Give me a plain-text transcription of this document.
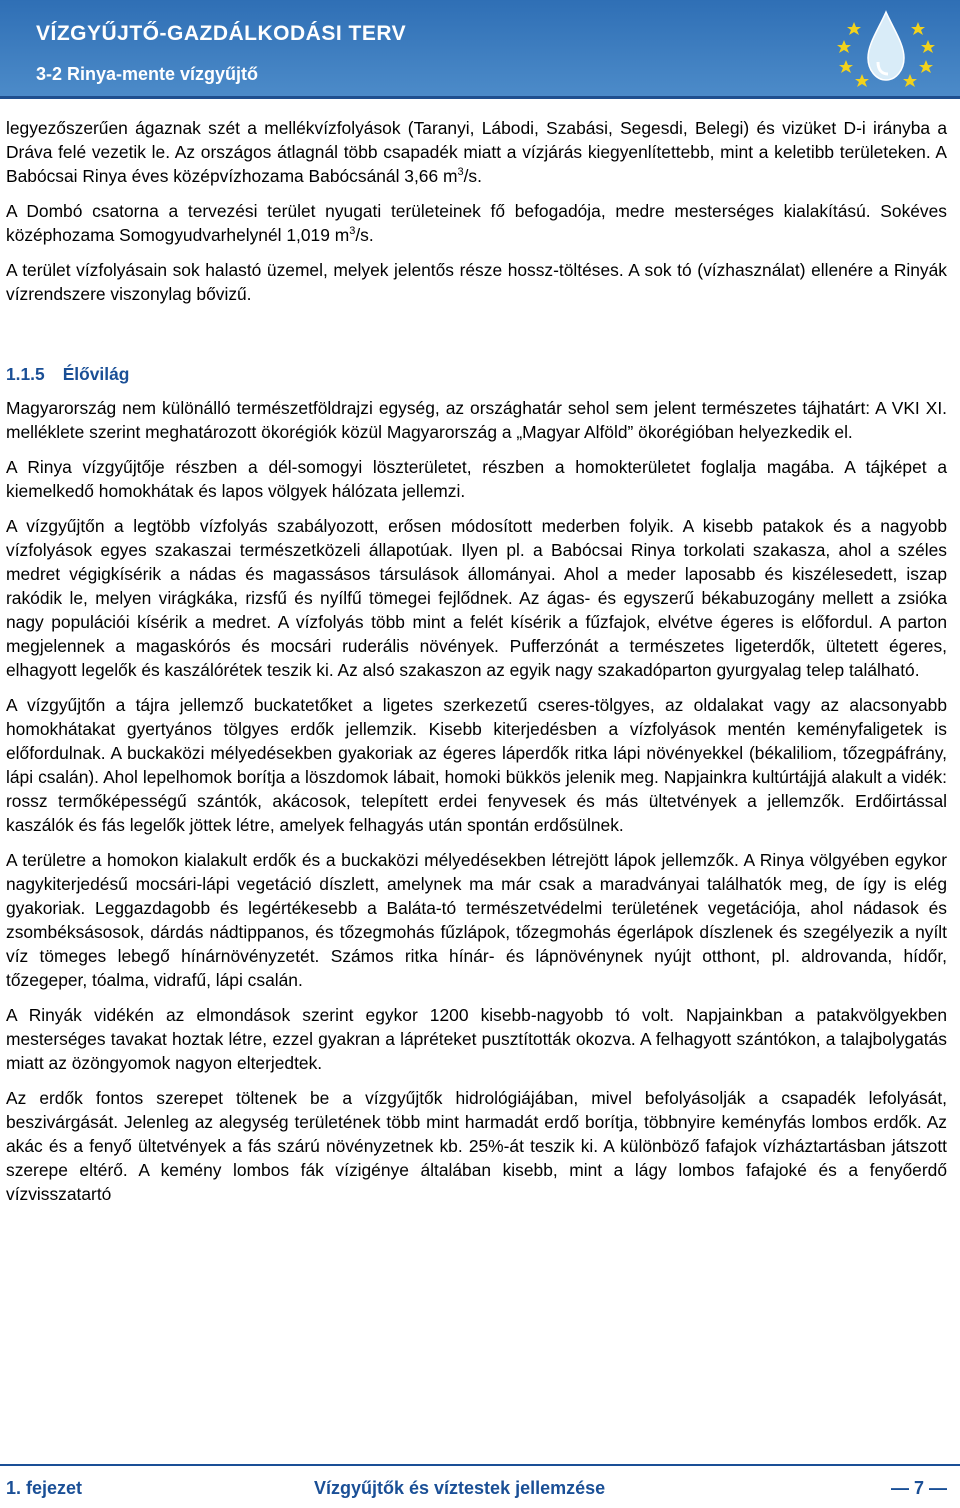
VÍZGYŰJTŐ-GAZDÁLKODÁSI TERV
3-2 Rinya-mente vízgyűjtő

legyezőszerűen ágaznak szét a mellékvízfolyások (Taranyi, Lábodi, Szabási, Segesdi, Belegi) és vizüket D-i irányba a Dráva felé vezetik le. Az országos átlagnál több csapadék miatt a vízjárás kiegyenlítettebb, mint a keletibb területeken. A Babócsai Rinya éves középvízhozama Babócsánál 3,66 $m^3/s$.

A Dombó csatorna a tervezési terület nyugati területeinek fő befogadója, medre mesterséges kialakítású. Sokéves középhozama Somogyudvarhelynél 1,019 $m^3/s$.

A terület vízfolyásain sok halastó üzemel, melyek jelentős része hossz-töltéses. A sok tó (vízhasználat) ellenére a Rinyák vízrendszere viszonylag bővizű.

1.1.5 Élővilág

Magyarország nem különálló természetföldrajzi egység, az országhatár sehol sem jelent természetes tájhatárt: A VKI XI. melléklete szerint meghatározott ökorégiók közül Magyarország a „Magyar Alföld” ökorégióban helyezkedik el.

A Rinya vízgyűjtője részben a dél-somogyi löszterületet, részben a homokterületet foglalja magába. A tájképet a kiemelkedő homokhátak és lapos völgyek hálózata jellemzi.

A vízgyűjtőn a legtöbb vízfolyás szabályozott, erősen módosított mederben folyik. A kisebb patakok és a nagyobb vízfolyások egyes szakaszai természetközeli állapotúak. Ilyen pl. a Babócsai Rinya torkolati szakasza, ahol a széles medret végigkísérik a nádas és magassásos társulások állományai. Ahol a meder laposabb és kiszélesedett, iszap rakódik le, melyen virágkáka, rizsfű és nyílfű tömegei fejlődnek. Az ágas- és egyszerű békabuzogány mellett a zsióka nagy populációi kísérik a medret. A vízfolyás több mint a felét kísérik a fűzfajok, elvétve égeres is előfordul. A parton megjelennek a magaskórós és mocsári ruderális növények. Pufferzónát a természetes ligeterdők, ültetett égeres, elhagyott legelők és kaszálórétek teszik ki. Az alsó szakaszon az egyik nagy szakadóparton gyurgyalag telep található.

A vízgyűjtőn a tájra jellemző buckatetőket a ligetes szerkezetű cseres-tölgyes, az oldalakat vagy az alacsonyabb homokhátakat gyertyános tölgyes erdők jellemzik. Kisebb kiterjedésben a vízfolyások mentén keményfaligetek is előfordulnak. A buckaközi mélyedésekben gyakoriak az égeres láperdők ritka lápi növényekkel (békaliliom, tőzegpáfrány, lápi csalán). Ahol lepelhomok borítja a löszdomok lábait, homoki bükkös jelenik meg. Napjainkra kultúrtájjá alakult a vidék: rossz termőképességű szántók, akácosok, telepített erdei fenyvesek és más ültetvények a jellemzők. Erdőirtással kaszálók és fás legelők jöttek létre, amelyek felhagyás után spontán erdősülnek.

A területre a homokon kialakult erdők és a buckaközi mélyedésekben létrejött lápok jellemzők. A Rinya völgyében egykor nagykiterjedésű mocsári-lápi vegetáció díszlett, amelynek ma már csak a maradványai találhatók meg, de így is elég gyakoriak. Leggazdagobb és legértékesebb a Baláta-tó természetvédelmi területének vegetációja, ahol nádasok és zsombéksásosok, dárdás nádtippanos, és tőzegmohás fűzlápok, tőzegmohás égerlápok díszlenek és szegélyezik a nyílt víz tömeges lebegő hínárnövényzetét. Számos ritka hínár- és lápnövénynek nyújt otthont, pl. aldrovanda, hídőr, tőzegeper, tóalma, vidrafű, lápi csalán.

A Rinyák vidékén az elmondások szerint egykor 1200 kisebb-nagyobb tó volt. Napjainkban a patakvölgyekben mesterséges tavakat hoztak létre, ezzel gyakran a lápréteket pusztították okozva. A felhagyott szántókon, a talajbolygatás miatt az özöngyomok nagyon elterjedtek.

Az erdők fontos szerepet töltenek be a vízgyűjtők hidrológiájában, mivel befolyásolják a csapadék lefolyását, beszivárgását. Jelenleg az alegység területének több mint harmadát erdő borítja, többnyire keményfás lombos erdők. Az akác és a fenyő ültetvények a fás szárú növényzetnek kb. 25%-át teszik ki. A különböző fafajok vízháztartásban játszott szerepe eltérő. A kemény lombos fák vízigénye általában kisebb, mint a lágy lombos fafajoké és a fenyőerdő vízvisszatartó

1. fejezet	Vízgyűjtők és víztestek jellemzése	— 7 —
